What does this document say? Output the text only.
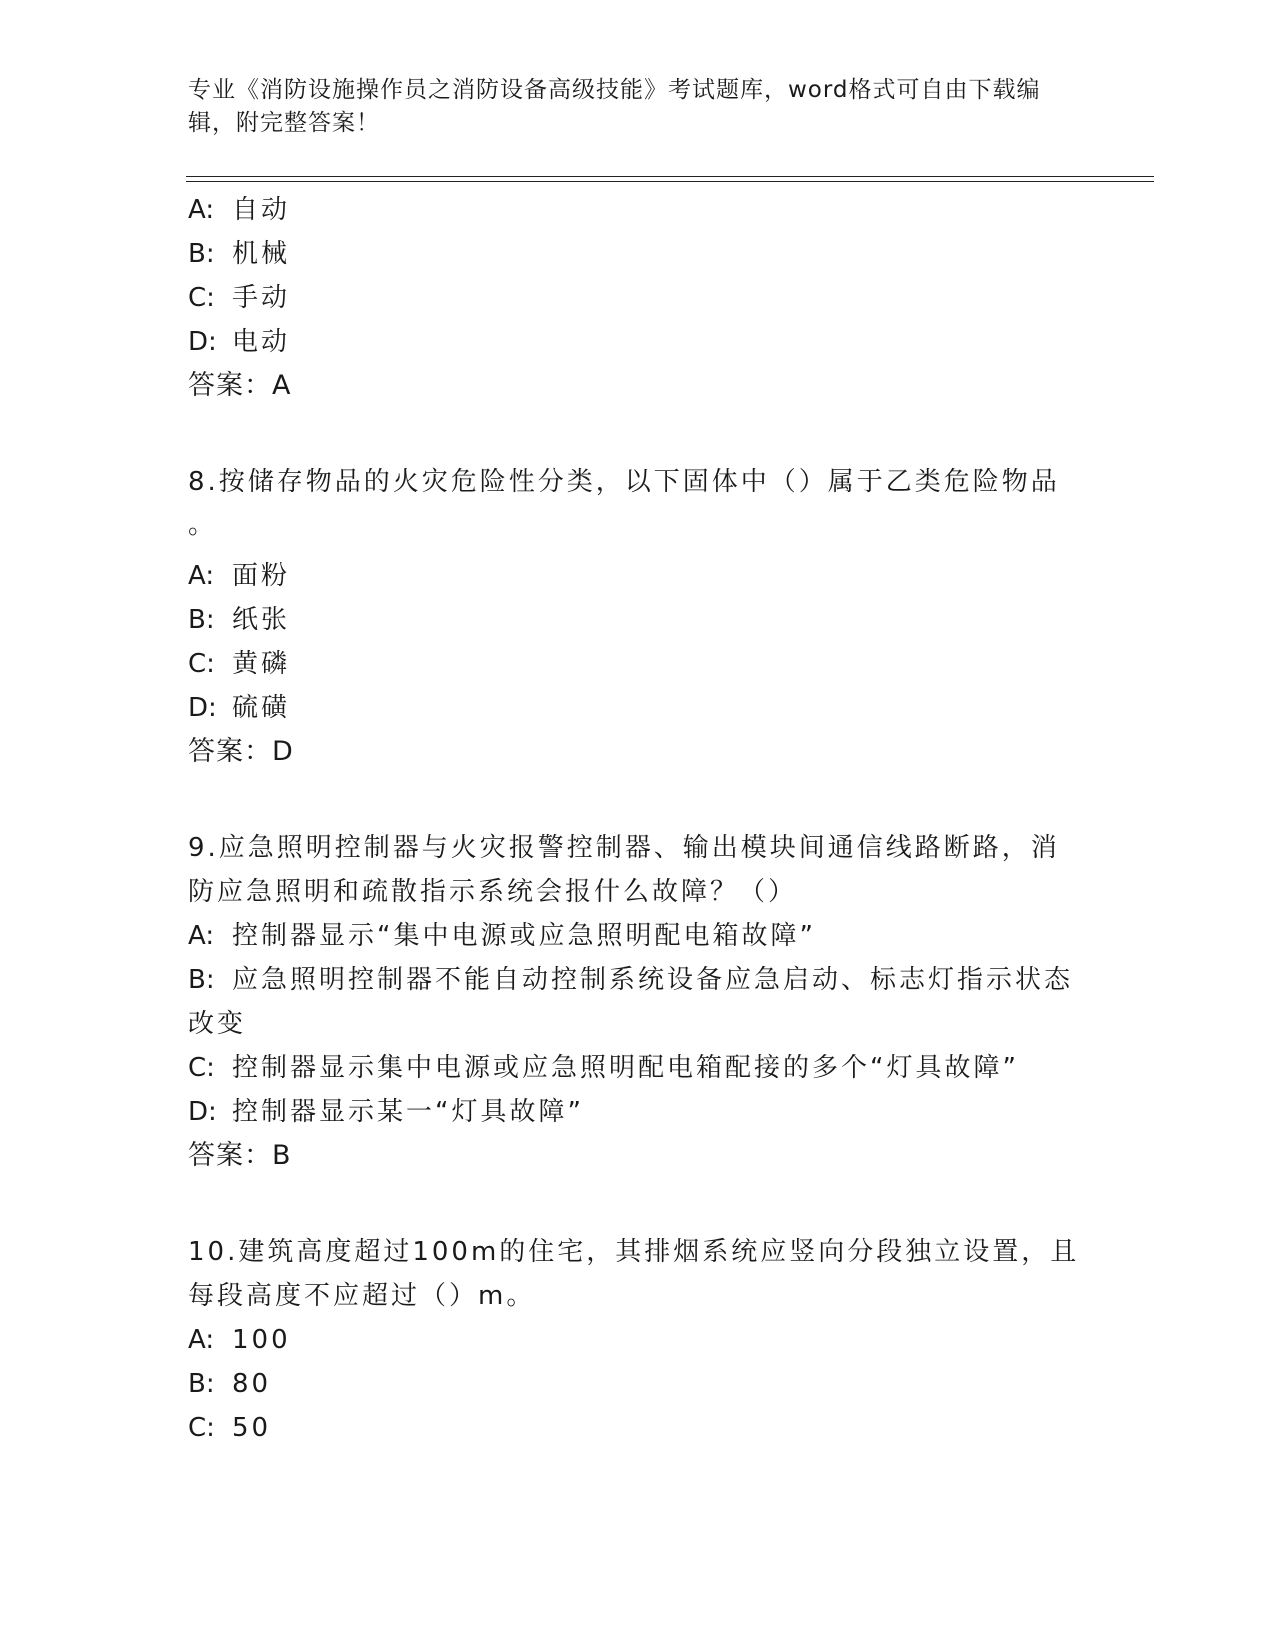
专业《消防设施操作员之消防设备高级技能》考试题库，word格式可自由下载编辑，附完整答案！
A: 自动
B: 机械
C: 手动
D: 电动
答案：A
8.按储存物品的火灾危险性分类，以下固体中（）属于乙类危险物品
。
A: 面粉
B: 纸张
C: 黄磷
D: 硫磺
答案：D
9.应急照明控制器与火灾报警控制器、输出模块间通信线路断路，消
防应急照明和疏散指示系统会报什么故障？（）
A: 控制器显示“集中电源或应急照明配电箱故障”
B: 应急照明控制器不能自动控制系统设备应急启动、标志灯指示状态
改变
C: 控制器显示集中电源或应急照明配电箱配接的多个“灯具故障”
D: 控制器显示某一“灯具故障”
答案：B
10.建筑高度超过100m的住宅，其排烟系统应竖向分段独立设置，且
每段高度不应超过（）m。
A: 100
B: 80
C: 50
